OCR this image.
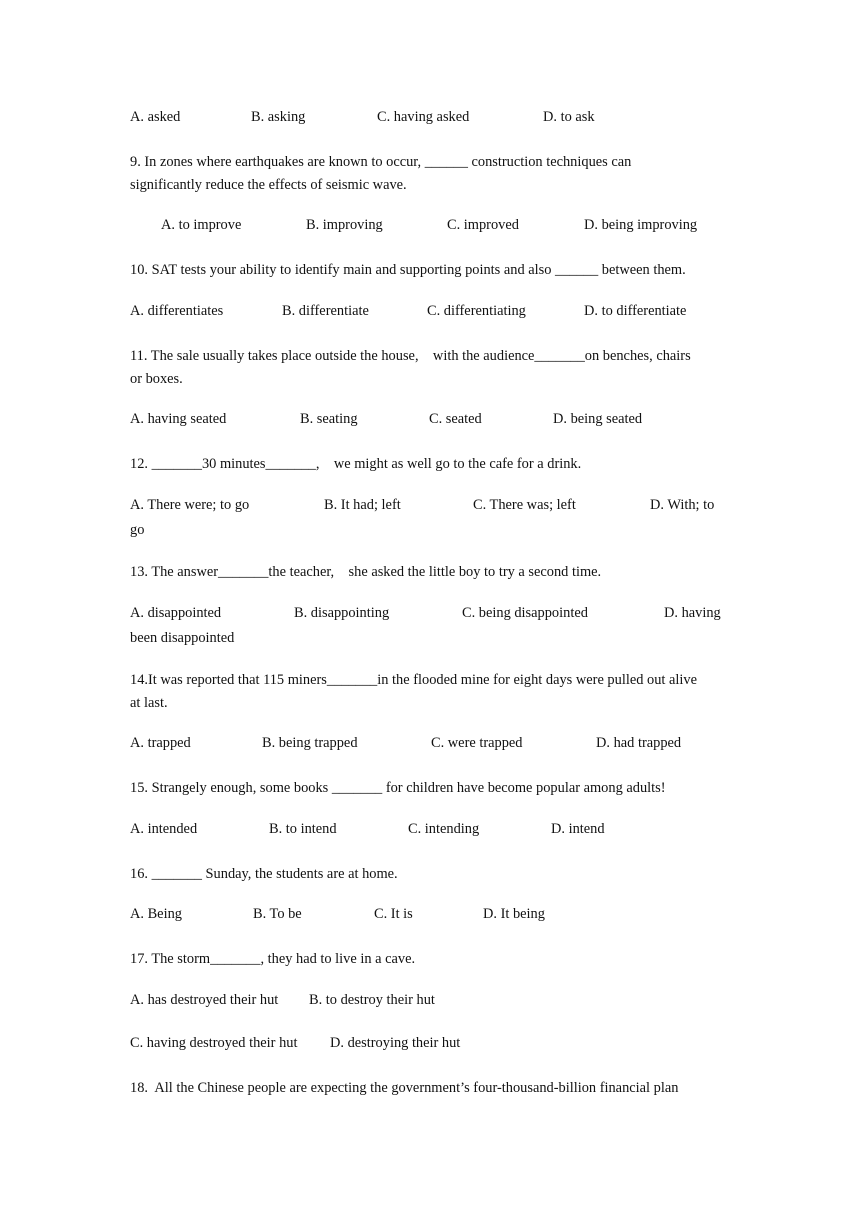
A. asked	B. asking	C. having asked	D. to ask
9. In zones where earthquakes are known to occur, ______ construction techniques can
significantly reduce the effects of seismic wave.
A. to improve	B. improving	C. improved	D. being improving
10. SAT tests your ability to identify main and supporting points and also ______ between them.
A. differentiates	B. differentiate	C. differentiating	D. to differentiate
11. The sale usually takes place outside the house,    with the audience_______on benches, chairs
or boxes.
A. having seated	B. seating	C. seated	D. being seated
12. _______30 minutes_______,    we might as well go to the cafe for a drink.
A. There were; to go	B. It had; left	C. There was; left	D. With; to
go
13. The answer_______the teacher,    she asked the little boy to try a second time.
A. disappointed	B. disappointing	C. being disappointed	D. having
been disappointed
14.It was reported that 115 miners_______in the flooded mine for eight days were pulled out alive
at last.
A. trapped	B. being trapped	C. were trapped	D. had trapped
15. Strangely enough, some books _______ for children have become popular among adults!
A. intended	B. to intend	C. intending	D. intend
16. _______ Sunday, the students are at home.
A. Being	B. To be	C. It is	D. It being
17. The storm_______, they had to live in a cave.
A. has destroyed their hut B. to destroy their hut
C. having destroyed their hut D. destroying their hut
18.  All the Chinese people are expecting the government’s four-thousand-billion financial plan
